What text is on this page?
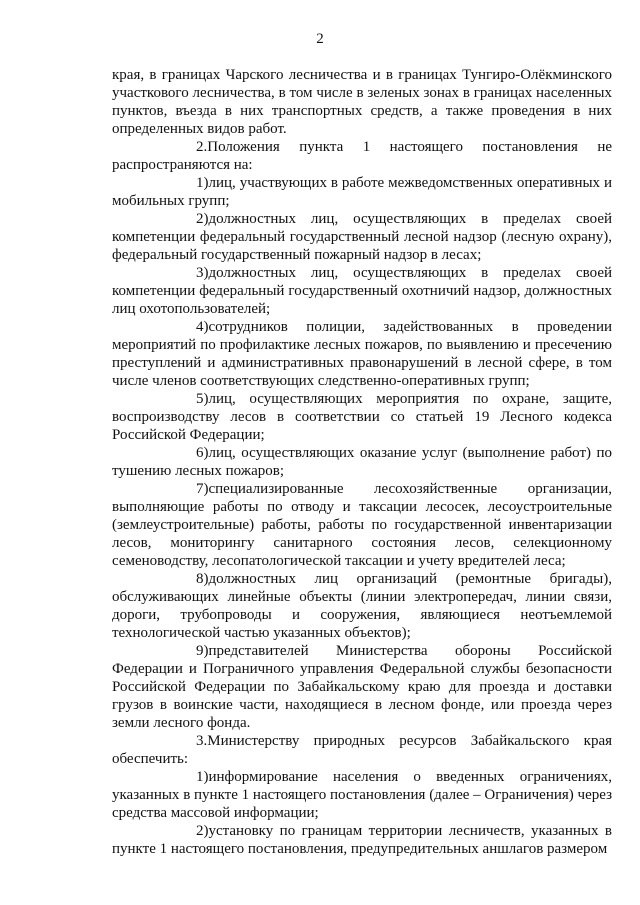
2

края, в границах Чарского лесничества и в границах Тунгиро-Олёкминского участкового лесничества, в том числе в зеленых зонах в границах населенных пунктов, въезда в них транспортных средств, а также проведения в них определенных видов работ.

2.Положения пункта 1 настоящего постановления не распространяются на:

1)лиц, участвующих в работе межведомственных оперативных и мобильных групп;

2)должностных лиц, осуществляющих в пределах своей компетенции федеральный государственный лесной надзор (лесную охрану), федеральный государственный пожарный надзор в лесах;

3)должностных лиц, осуществляющих в пределах своей компетенции федеральный государственный охотничий надзор, должностных лиц охотопользователей;

4)сотрудников полиции, задействованных в проведении мероприятий по профилактике лесных пожаров, по выявлению и пресечению преступлений и административных правонарушений в лесной сфере, в том числе членов соответствующих следственно-оперативных групп;

5)лиц, осуществляющих мероприятия по охране, защите, воспроизводству лесов в соответствии со статьей 19 Лесного кодекса Российской Федерации;

6)лиц, осуществляющих оказание услуг (выполнение работ) по тушению лесных пожаров;

7)специализированные лесохозяйственные организации, выполняющие работы по отводу и таксации лесосек, лесоустроительные (землеустроительные) работы, работы по государственной инвентаризации лесов, мониторингу санитарного состояния лесов, селекционному семеноводству, лесопатологической таксации и учету вредителей леса;

8)должностных лиц организаций (ремонтные бригады), обслуживающих линейные объекты (линии электропередач, линии связи, дороги, трубопроводы и сооружения, являющиеся неотъемлемой технологической частью указанных объектов);

9)представителей Министерства обороны Российской Федерации и Пограничного управления Федеральной службы безопасности Российской Федерации по Забайкальскому краю для проезда и доставки грузов в воинские части, находящиеся в лесном фонде, или проезда через земли лесного фонда.

3.Министерству природных ресурсов Забайкальского края обеспечить:

1)информирование населения о введенных ограничениях, указанных в пункте 1 настоящего постановления (далее – Ограничения) через средства массовой информации;

2)установку по границам территории лесничеств, указанных в пункте 1 настоящего постановления, предупредительных аншлагов размером
